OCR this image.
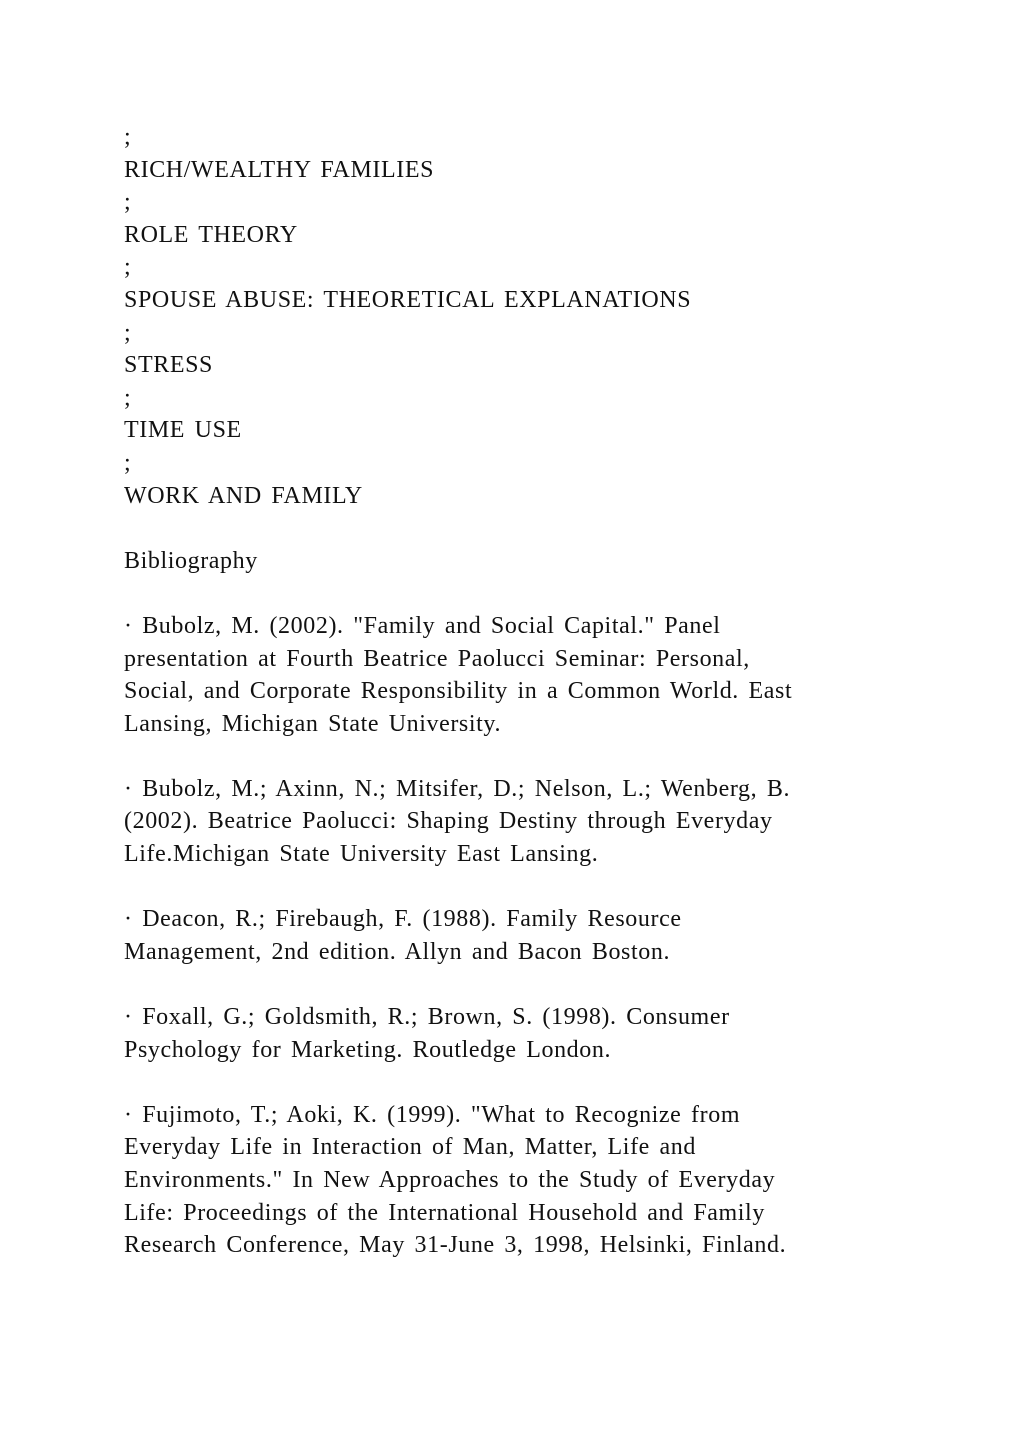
;
RICH/WEALTHY FAMILIES
;
ROLE THEORY
;
SPOUSE ABUSE: THEORETICAL EXPLANATIONS
;
STRESS
;
TIME USE
;
WORK AND FAMILY
Bibliography
· Bubolz, M. (2002). "Family and Social Capital." Panel
presentation at Fourth Beatrice Paolucci Seminar: Personal,
Social, and Corporate Responsibility in a Common World. East
Lansing, Michigan State University.
· Bubolz, M.; Axinn, N.; Mitsifer, D.; Nelson, L.; Wenberg, B.
(2002). Beatrice Paolucci: Shaping Destiny through Everyday
Life.Michigan State University East Lansing.
· Deacon, R.; Firebaugh, F. (1988). Family Resource
Management, 2nd edition. Allyn and Bacon Boston.
· Foxall, G.; Goldsmith, R.; Brown, S. (1998). Consumer
Psychology for Marketing. Routledge London.
· Fujimoto, T.; Aoki, K. (1999). "What to Recognize from
Everyday Life in Interaction of Man, Matter, Life and
Environments." In New Approaches to the Study of Everyday
Life: Proceedings of the International Household and Family
Research Conference, May 31-June 3, 1998, Helsinki, Finland.
